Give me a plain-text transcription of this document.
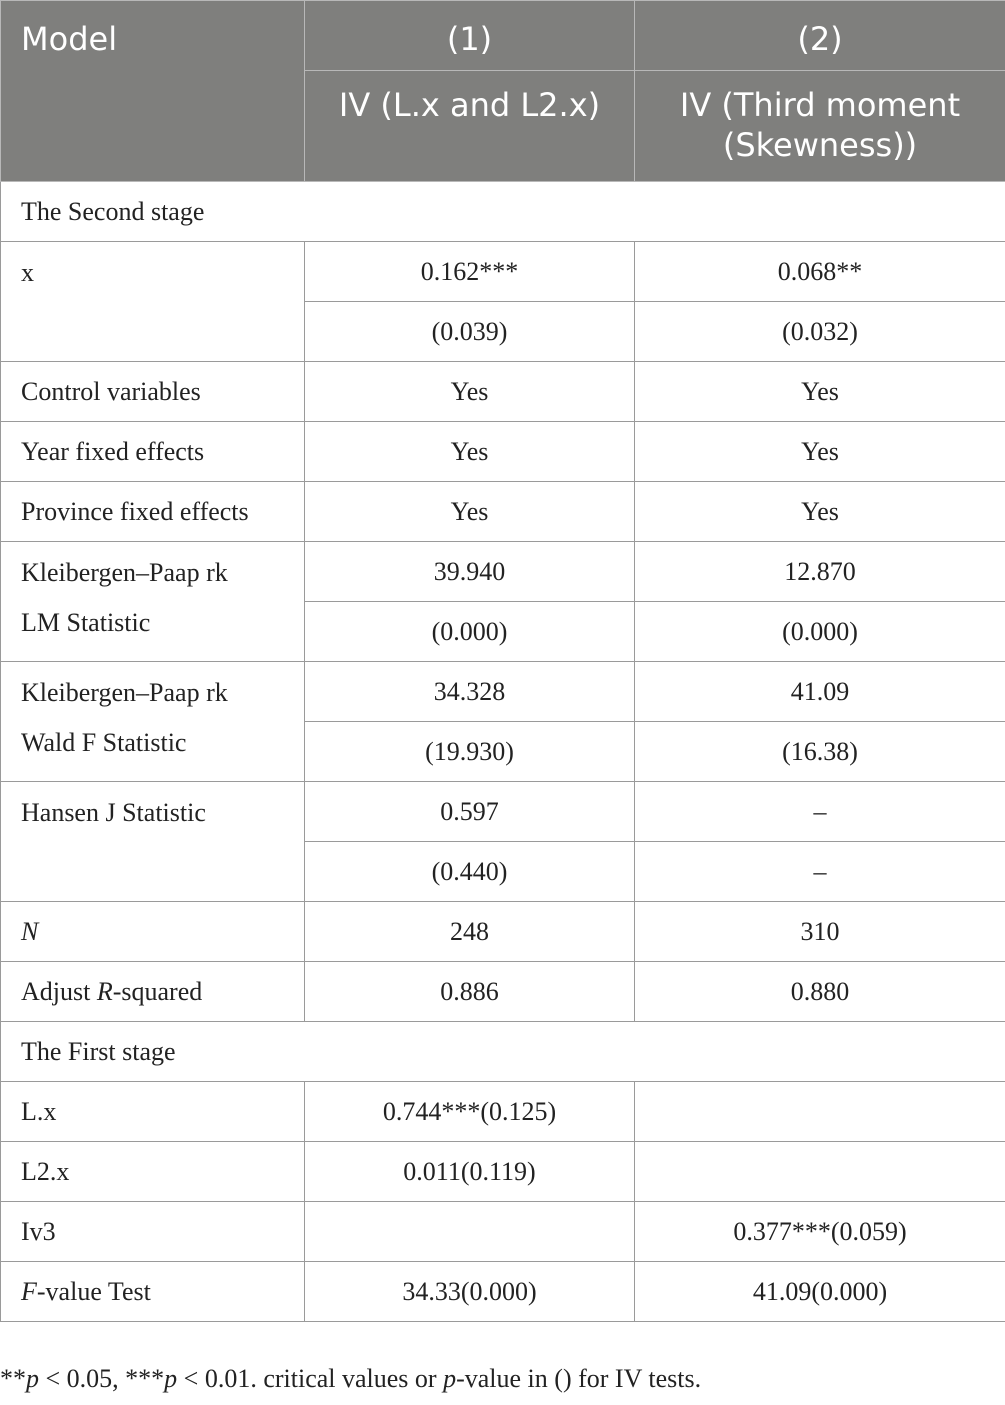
Model	(1)	(2)
	IV (L.x and L2.x)	IV (Third moment
(Skewness))
The Second stage		
x	0.162***	0.068**
	(0.039)	(0.032)
Control variables	Yes	Yes
Year fixed effects	Yes	Yes
Province fixed effects	Yes	Yes
Kleibergen–Paap rk
LM Statistic	39.940	12.870
	(0.000)	(0.000)
Kleibergen–Paap rk
Wald F Statistic	34.328	41.09
	(19.930)	(16.38)
Hansen J Statistic	0.597	–
	(0.440)	–
N	248	310
Adjust R-squared	0.886	0.880
The First stage		
L.x	0.744***(0.125)	
L2.x	0.011(0.119)	
Iv3		0.377***(0.059)
F-value Test	34.33(0.000)	41.09(0.000)
**p < 0.05, ***p < 0.01. critical values or p-value in () for IV tests.
